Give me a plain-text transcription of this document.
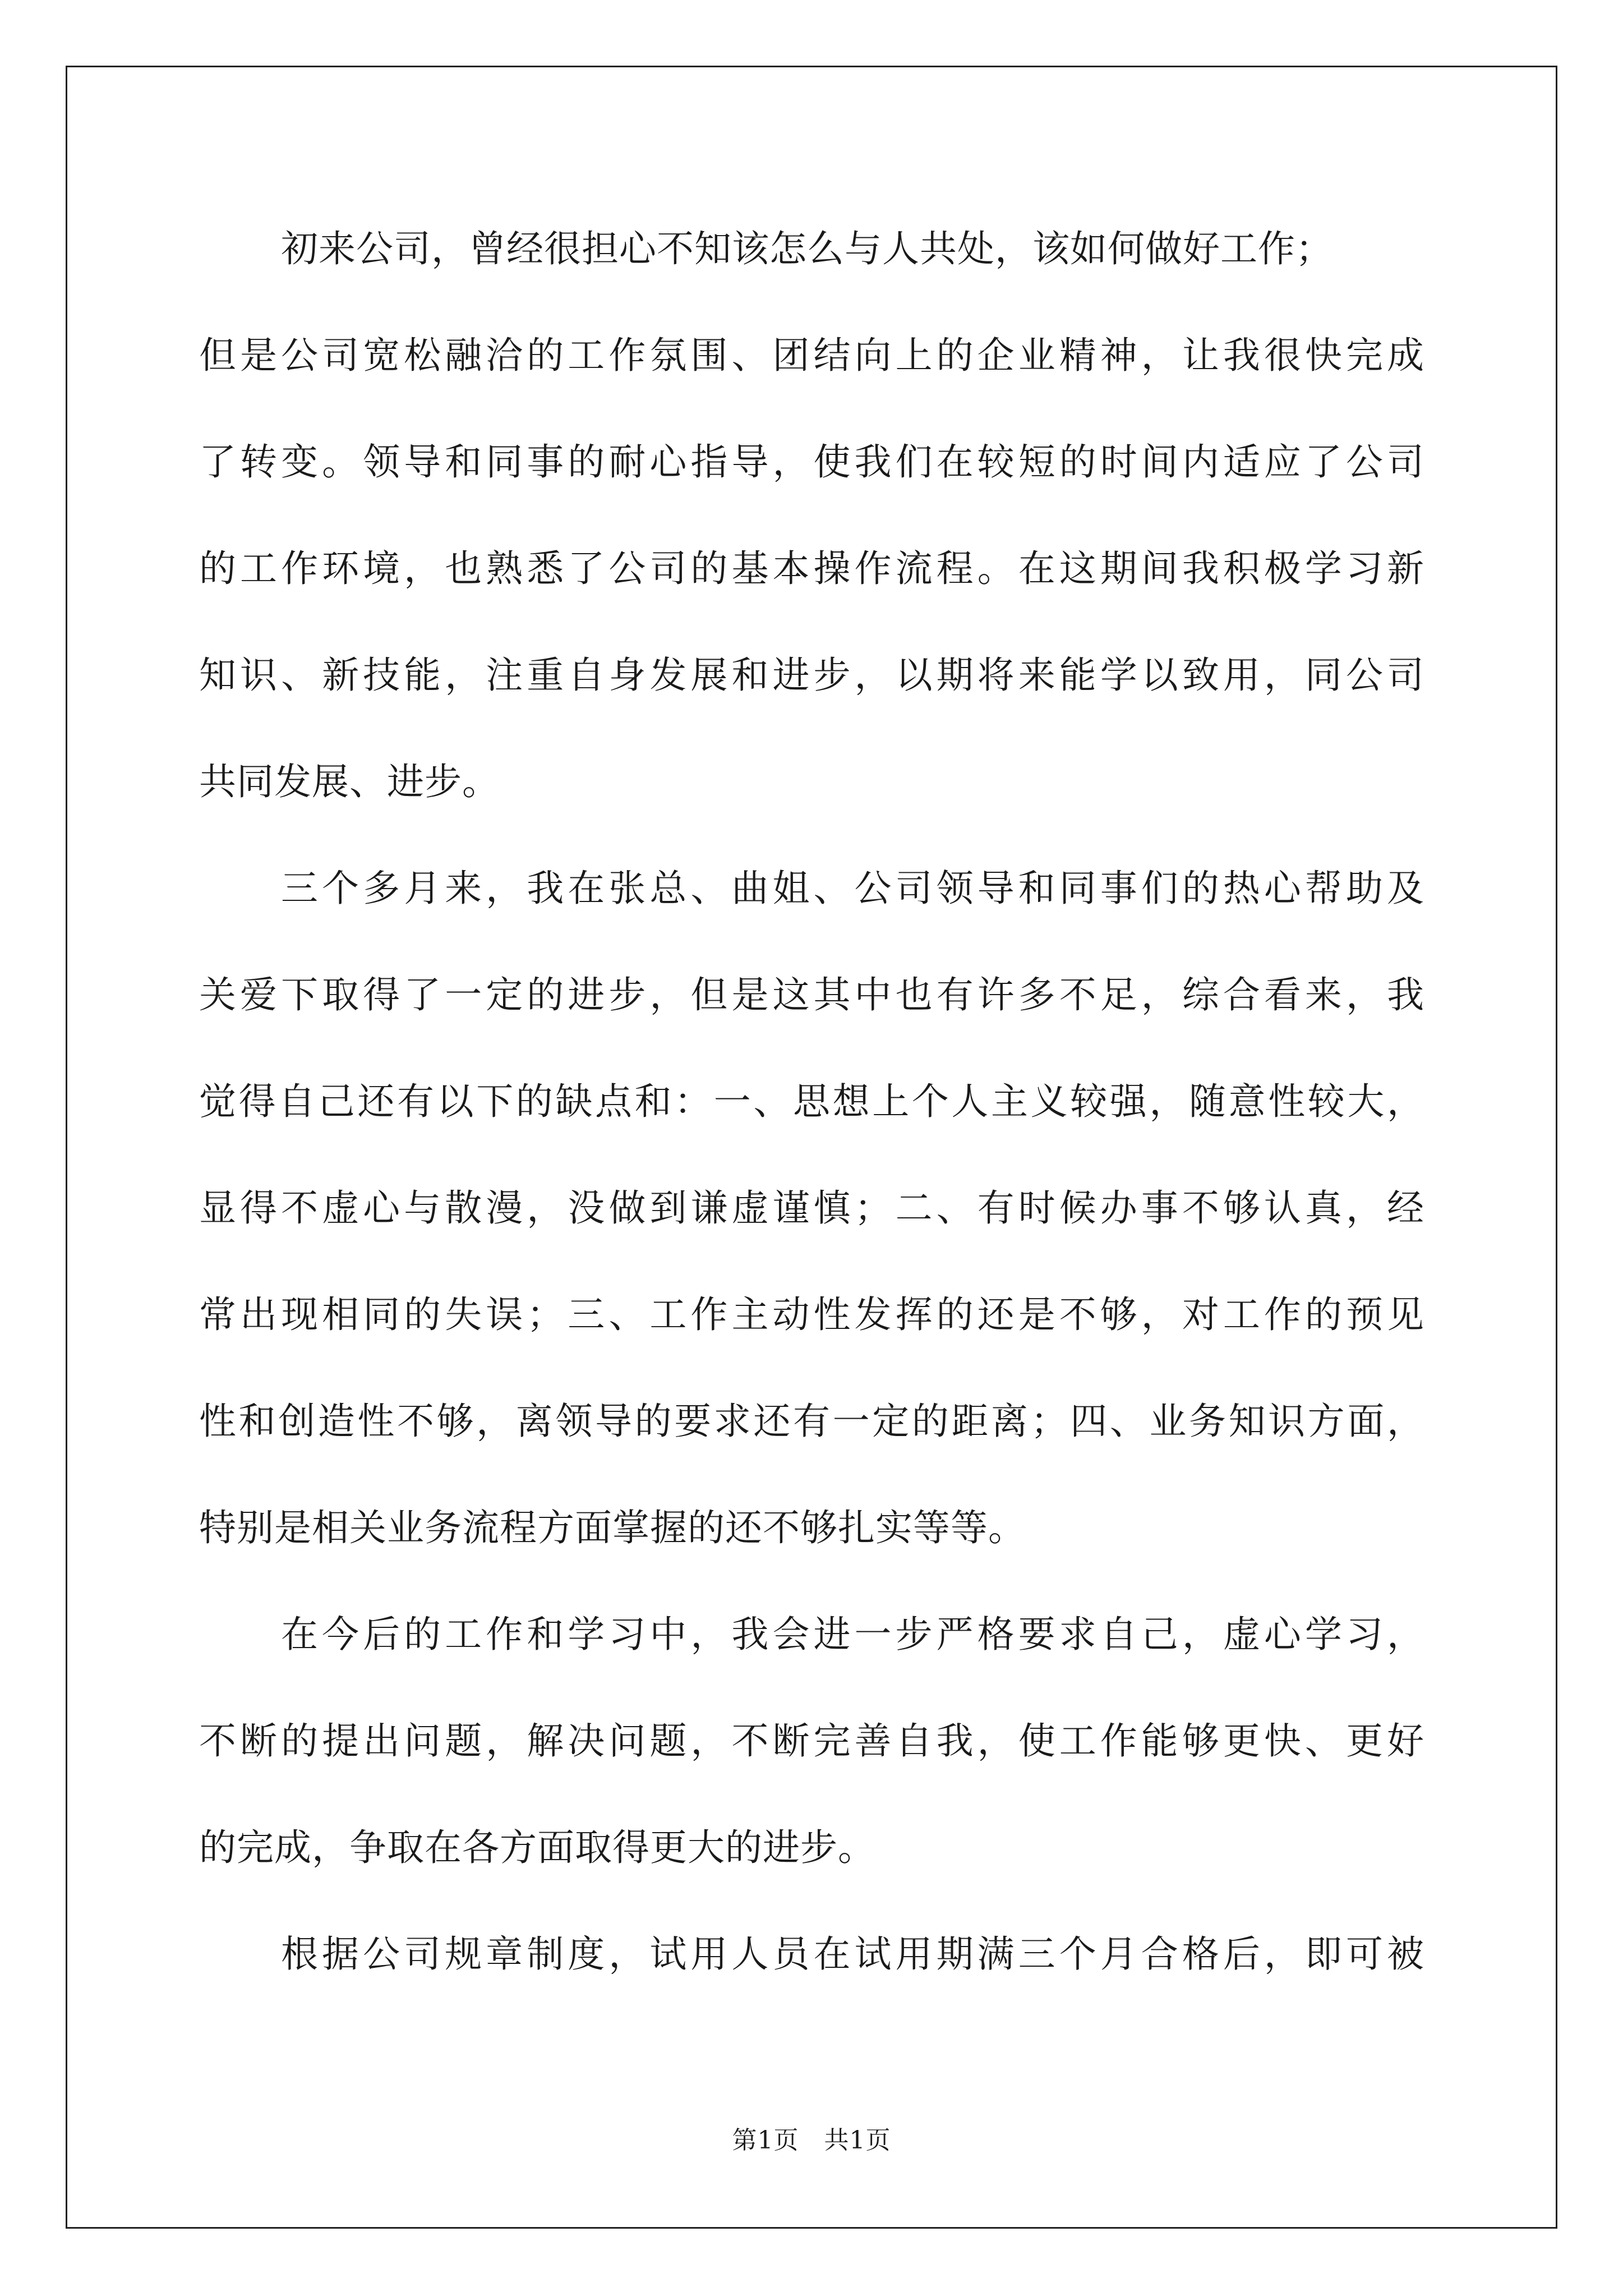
初来公司，曾经很担心不知该怎么与人共处，该如何做好工作；
但是公司宽松融洽的工作氛围、团结向上的企业精神，让我很快完成
了转变。领导和同事的耐心指导，使我们在较短的时间内适应了公司
的工作环境，也熟悉了公司的基本操作流程。在这期间我积极学习新
知识、新技能，注重自身发展和进步，以期将来能学以致用，同公司
共同发展、进步。
三个多月来，我在张总、曲姐、公司领导和同事们的热心帮助及
关爱下取得了一定的进步，但是这其中也有许多不足，综合看来，我
觉得自己还有以下的缺点和：一、思想上个人主义较强，随意性较大，
显得不虚心与散漫，没做到谦虚谨慎；二、有时候办事不够认真，经
常出现相同的失误；三、工作主动性发挥的还是不够，对工作的预见
性和创造性不够，离领导的要求还有一定的距离；四、业务知识方面，
特别是相关业务流程方面掌握的还不够扎实等等。
在今后的工作和学习中，我会进一步严格要求自己，虚心学习，
不断的提出问题，解决问题，不断完善自我，使工作能够更快、更好
的完成，争取在各方面取得更大的进步。
根据公司规章制度，试用人员在试用期满三个月合格后，即可被
第1页　共1页
